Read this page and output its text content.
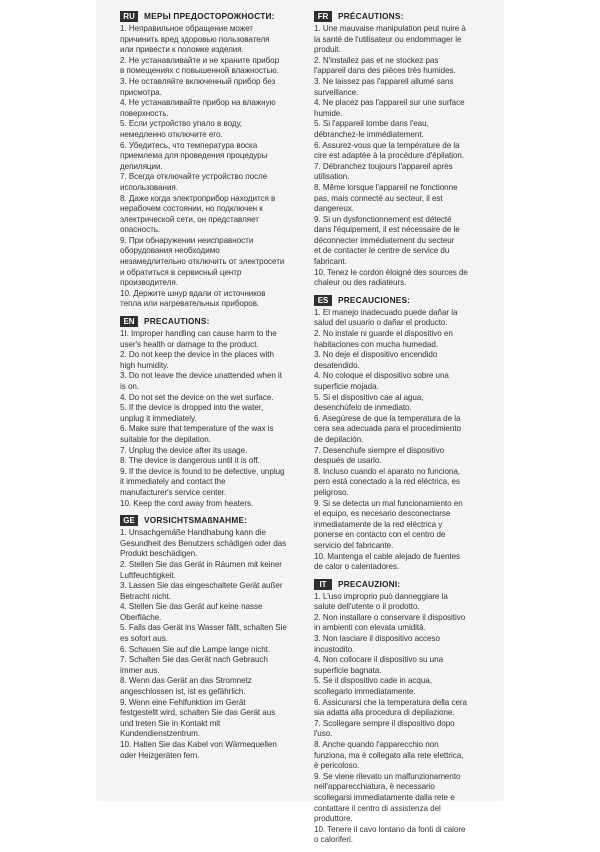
RU	МЕРЫ ПРЕДОСТОРОЖНОСТИ:
1. Неправильное обращение может
причинить вред здоровью пользователя
или привести к поломке изделия.
2. Не устанавливайте и не храните прибор
в помещениях с повышенной влажностью.
3. Не оставляйте включенный прибор без
присмотра.
4. Не устанавливайте прибор на влажную
поверхность.
5. Если устройство упало в воду,
немедленно отключите его.
6. Убедитесь, что температура воска
приемлема для проведения процедуры
депиляции.
7. Всегда отключайте устройство после
использования.
8. Даже когда электроприбор находится в
нерабочем состоянии, но подключен к
электрической сети, он представляет
опасность.
9. При обнаружении неисправности
оборудования необходимо
незамедлительно отключить от электросети
и обратиться в сервисный центр
производителя.
10. Держите шнур вдали от источников
тепла или нагревательных приборов.
EN	PRECAUTIONS:
1I. Improper handling can cause harm to the
user's health or damage to the product.
2. Do not keep the device in the places with
high humidity.
3. Do not leave the device unattended when it
is on.
4. Do not set the device on the wet surface.
5. If the device is dropped into the water,
unplug it immediately.
6. Make sure that temperature of the wax is
suitable for the depilation.
7. Unplug the device after its usage.
8. The device is dangerous until it is off.
9. If the device is found to be defective, unplug
it immediately and contact the
manufacturer's service center.
10. Keep the cord away from heaters.
GE	VORSICHTSMAßNAHME:
1. Unsachgemäße Handhabung kann die
Gesundheit des Benutzers schädigen oder das
Produkt beschädigen.
2. Stellen Sie das Gerät in Räumen mit keiner
Luftfeuchtigkeit.
3. Lassen Sie das eingeschaltete Gerät außer
Betracht nicht.
4. Stellen Sie das Gerät auf keine nasse
Oberfläche.
5. Falls das Gerät ins Wasser fällt, schalten Sie
es sofort aus.
6. Schauen Sie auf die Lampe lange nicht.
7. Schalten Sie das Gerät nach Gebrauch
immer aus.
8. Wenn das Gerät an das Stromnetz
angeschlossen ist, ist es gefährlich.
9. Wenn eine Fehlfunktion im Gerät
festgestellt wird, schalten Sie das Gerät aus
und treten Sie in Kontakt mit
Kundendienstzentrum.
10. Halten Sie das Kabel von Wärmequellen
oder Heizgeräten fern.
FR	PRÉCAUTIONS:
1. Une mauvaise manipulation peut nuire à
la santé de l'utilisateur ou endommager le
produit.
2. N'installez pas et ne stockez pas
l'appareil dans des pièces très humides.
3. Ne laissez pas l'appareil allumé sans
surveillance.
4. Ne placez pas l'appareil sur une surface
humide.
5. Si l'appareil tombe dans l'eau,
débranchez-le immédiatement.
6. Assurez-vous que la température de la
cire est adaptée à la procédure d'épilation.
7. Débranchez toujours l'appareil après
utilisation.
8. Même lorsque l'appareil ne fonctionne
pas, mais connecté au secteur, il est
dangereux.
9. Si un dysfonctionnement est détecté
dans l'équipement, il est nécessaire de le
déconnecter immédiatement du secteur
et de contacter le centre de service du
fabricant.
10. Tenez le cordon éloigné des sources de
chaleur ou des radiateurs.
ES	PRECAUCIONES:
1. El manejo inadecuado puede dañar la
salud del usuario o dañar el producto.
2. No instale ni guarde el dispositivo en
habitaciones con mucha humedad.
3. No deje el dispositivo encendido
desatendido.
4. No coloque el dispositivo sobre una
superficie mojada.
5. Si el dispositivo cae al agua,
desenchúfelo de inmediato.
6. Asegúrese de que la temperatura de la
cera sea adecuada para el procedimiento
de depilación.
7. Desenchufe siempre el dispositivo
después de usarlo.
8. Incluso cuando el aparato no funciona,
pero está conectado a la red eléctrica, es
peligroso.
9. Si se detecta un mal funcionamiento en
el equipo, es necesario desconectarse
inmediatamente de la red eléctrica y
ponerse en contacto con el centro de
servicio del fabricante.
10. Mantenga el cable alejado de fuentes
de calor o calentadores.
IT	PRECAUZIONI:
1. L'uso improprio può danneggiare la
salute dell'utente o il prodotto.
2. Non installare o conservare il dispositivo
in ambienti con elevata umidità.
3. Non lasciare il dispositivo acceso
incustodito.
4. Non collocare il dispositivo su una
superficie bagnata.
5. Se il dispositivo cade in acqua,
scollegarlo immediatamente.
6. Assicurarsi che la temperatura della cera
sia adatta alla procedura di depilazione.
7. Scollegare sempre il dispositivo dopo
l'uso.
8. Anche quando l'apparecchio non
funziona, ma è collegato alla rete elettrica,
è pericoloso.
9. Se viene rilevato un malfunzionamento
nell'apparecchiatura, è necessario
scollegarsi immediatamente dalla rete e
contattare il centro di assistenza del
produttore.
10. Tenere il cavo lontano da fonti di calore
o caloriferi.
